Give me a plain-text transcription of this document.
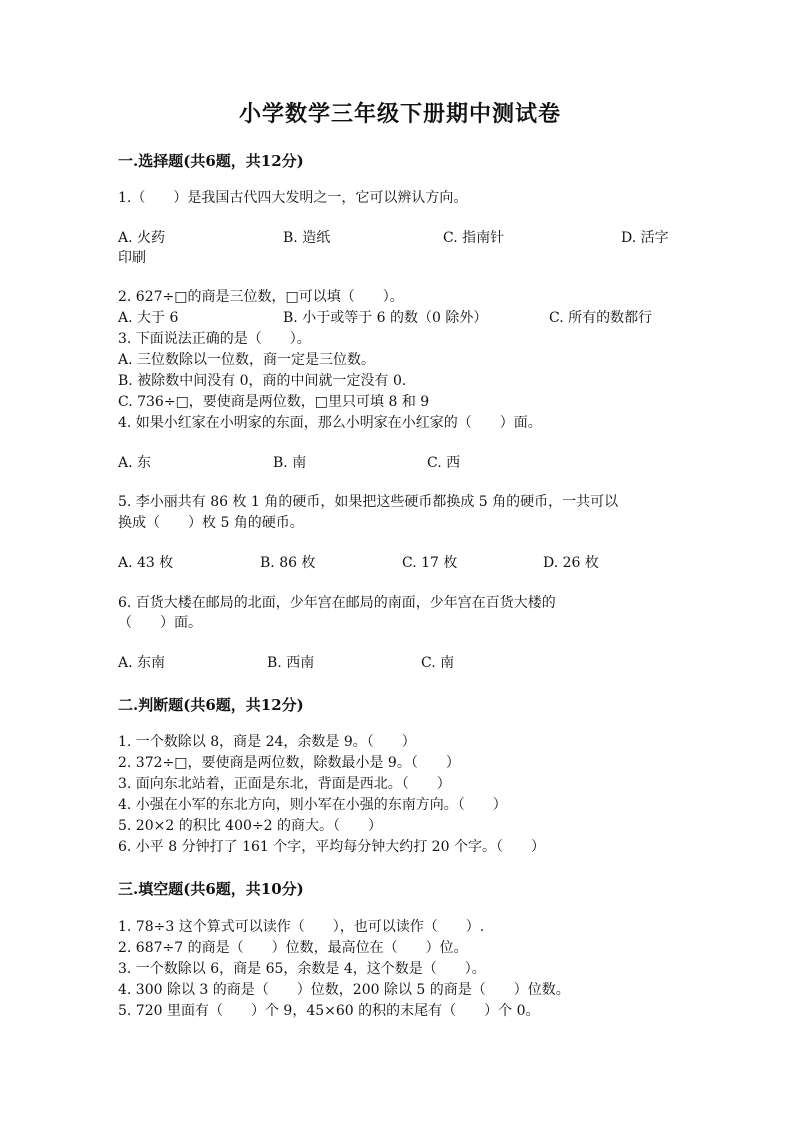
小学数学三年级下册期中测试卷
一.选择题(共6题，共12分)
1.（　　）是我国古代四大发明之一，它可以辨认方向。
A. 火药	B. 造纸	C. 指南针	D. 活字
印刷
2. 627÷□的商是三位数，□可以填（　　）。
A. 大于 6	B. 小于或等于 6 的数（0 除外）	C. 所有的数都行
3. 下面说法正确的是（　　）。
A. 三位数除以一位数，商一定是三位数。
B. 被除数中间没有 0，商的中间就一定没有 0.
C. 736÷□，要使商是两位数，□里只可填 8 和 9
4. 如果小红家在小明家的东面，那么小明家在小红家的（　　）面。
A. 东	B. 南	C. 西
5. 李小丽共有 86 枚 1 角的硬币，如果把这些硬币都换成 5 角的硬币，一共可以
换成（　　）枚 5 角的硬币。
A. 43 枚	B. 86 枚	C. 17 枚	D. 26 枚
6. 百货大楼在邮局的北面，少年宫在邮局的南面，少年宫在百货大楼的
（　　）面。
A. 东南	B. 西南	C. 南
二.判断题(共6题，共12分)
1. 一个数除以 8，商是 24，余数是 9。（　　）
2. 372÷□，要使商是两位数，除数最小是 9。（　　）
3. 面向东北站着，正面是东北，背面是西北。（　　）
4. 小强在小军的东北方向，则小军在小强的东南方向。（　　）
5. 20×2 的积比 400÷2 的商大。（　　）
6. 小平 8 分钟打了 161 个字，平均每分钟大约打 20 个字。（　　）
三.填空题(共6题，共10分)
1. 78÷3 这个算式可以读作（　　），也可以读作（　　）.
2. 687÷7 的商是（　　）位数，最高位在（　　）位。
3. 一个数除以 6，商是 65，余数是 4，这个数是（　　）。
4. 300 除以 3 的商是（　　）位数，200 除以 5 的商是（　　）位数。
5. 720 里面有（　　）个 9，45×60 的积的末尾有（　　）个 0。
